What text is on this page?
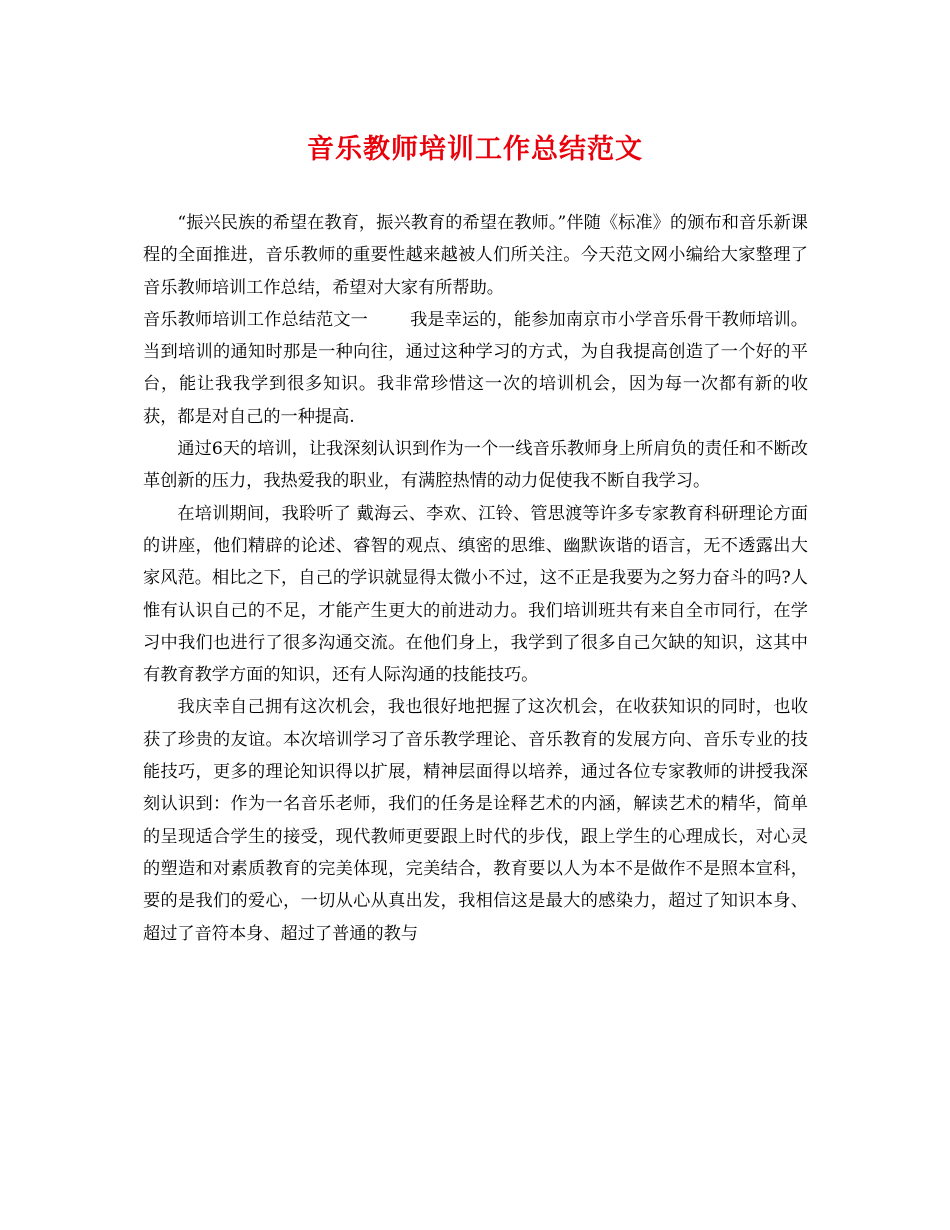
音乐教师培训工作总结范文

“振兴民族的希望在教育，振兴教育的希望在教师。”伴随《标准》的颁布和音乐新课程的全面推进，音乐教师的重要性越来越被人们所关注。今天范文网小编给大家整理了音乐教师培训工作总结，希望对大家有所帮助。

音乐教师培训工作总结范文一 我是幸运的，能参加南京市小学音乐骨干教师培训。当到培训的通知时那是一种向往，通过这种学习的方式，为自我提高创造了一个好的平台，能让我我学到很多知识。我非常珍惜这一次的培训机会，因为每一次都有新的收获，都是对自己的一种提高.

通过6天的培训，让我深刻认识到作为一个一线音乐教师身上所肩负的责任和不断改革创新的压力，我热爱我的职业，有满腔热情的动力促使我不断自我学习。

在培训期间，我聆听了 戴海云、李欢、江铃、管思渡等许多专家教育科研理论方面的讲座，他们精辟的论述、睿智的观点、缜密的思维、幽默诙谐的语言，无不透露出大家风范。相比之下，自己的学识就显得太微小不过，这不正是我要为之努力奋斗的吗?人惟有认识自己的不足，才能产生更大的前进动力。我们培训班共有来自全市同行，在学习中我们也进行了很多沟通交流。在他们身上，我学到了很多自己欠缺的知识，这其中有教育教学方面的知识，还有人际沟通的技能技巧。

我庆幸自己拥有这次机会，我也很好地把握了这次机会，在收获知识的同时，也收获了珍贵的友谊。本次培训学习了音乐教学理论、音乐教育的发展方向、音乐专业的技能技巧，更多的理论知识得以扩展，精神层面得以培养，通过各位专家教师的讲授我深刻认识到：作为一名音乐老师，我们的任务是诠释艺术的内涵，解读艺术的精华，简单的呈现适合学生的接受，现代教师更要跟上时代的步伐，跟上学生的心理成长，对心灵的塑造和对素质教育的完美体现，完美结合，教育要以人为本不是做作不是照本宣科，要的是我们的爱心，一切从心从真出发，我相信这是最大的感染力，超过了知识本身、超过了音符本身、超过了普通的教与
